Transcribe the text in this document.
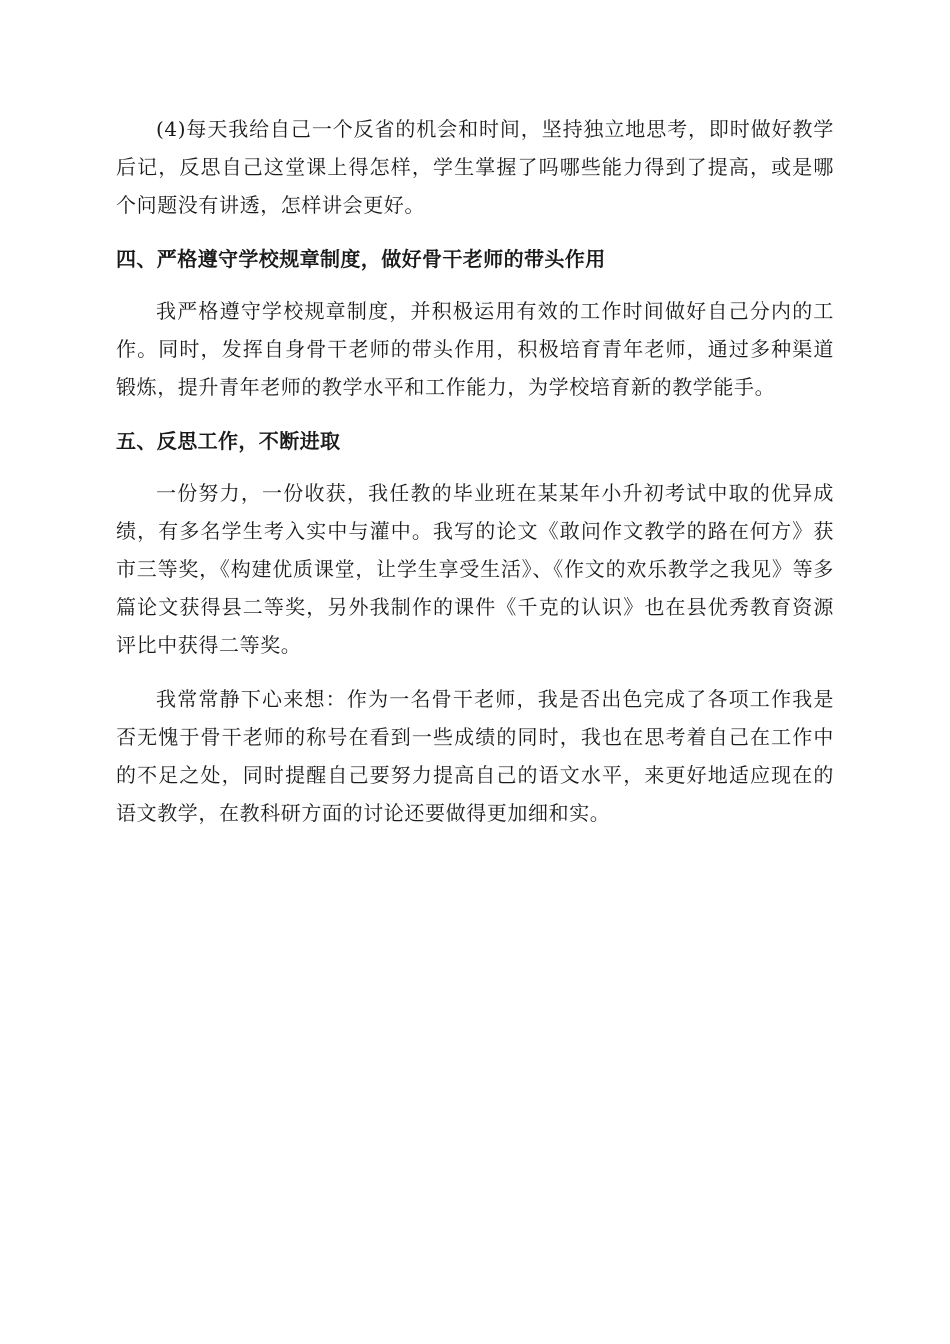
(4)每天我给自己一个反省的机会和时间，坚持独立地思考，即时做好教学后记，反思自己这堂课上得怎样，学生掌握了吗哪些能力得到了提高，或是哪个问题没有讲透，怎样讲会更好。

四、严格遵守学校规章制度，做好骨干老师的带头作用

我严格遵守学校规章制度，并积极运用有效的工作时间做好自己分内的工作。同时，发挥自身骨干老师的带头作用，积极培育青年老师，通过多种渠道锻炼，提升青年老师的教学水平和工作能力，为学校培育新的教学能手。

五、反思工作，不断进取

一份努力，一份收获，我任教的毕业班在某某年小升初考试中取的优异成绩，有多名学生考入实中与灌中。我写的论文《敢问作文教学的路在何方》获市三等奖，《构建优质课堂，让学生享受生活》、《作文的欢乐教学之我见》等多篇论文获得县二等奖，另外我制作的课件《千克的认识》也在县优秀教育资源评比中获得二等奖。

我常常静下心来想：作为一名骨干老师，我是否出色完成了各项工作我是否无愧于骨干老师的称号在看到一些成绩的同时，我也在思考着自己在工作中的不足之处，同时提醒自己要努力提高自己的语文水平，来更好地适应现在的语文教学，在教科研方面的讨论还要做得更加细和实。
